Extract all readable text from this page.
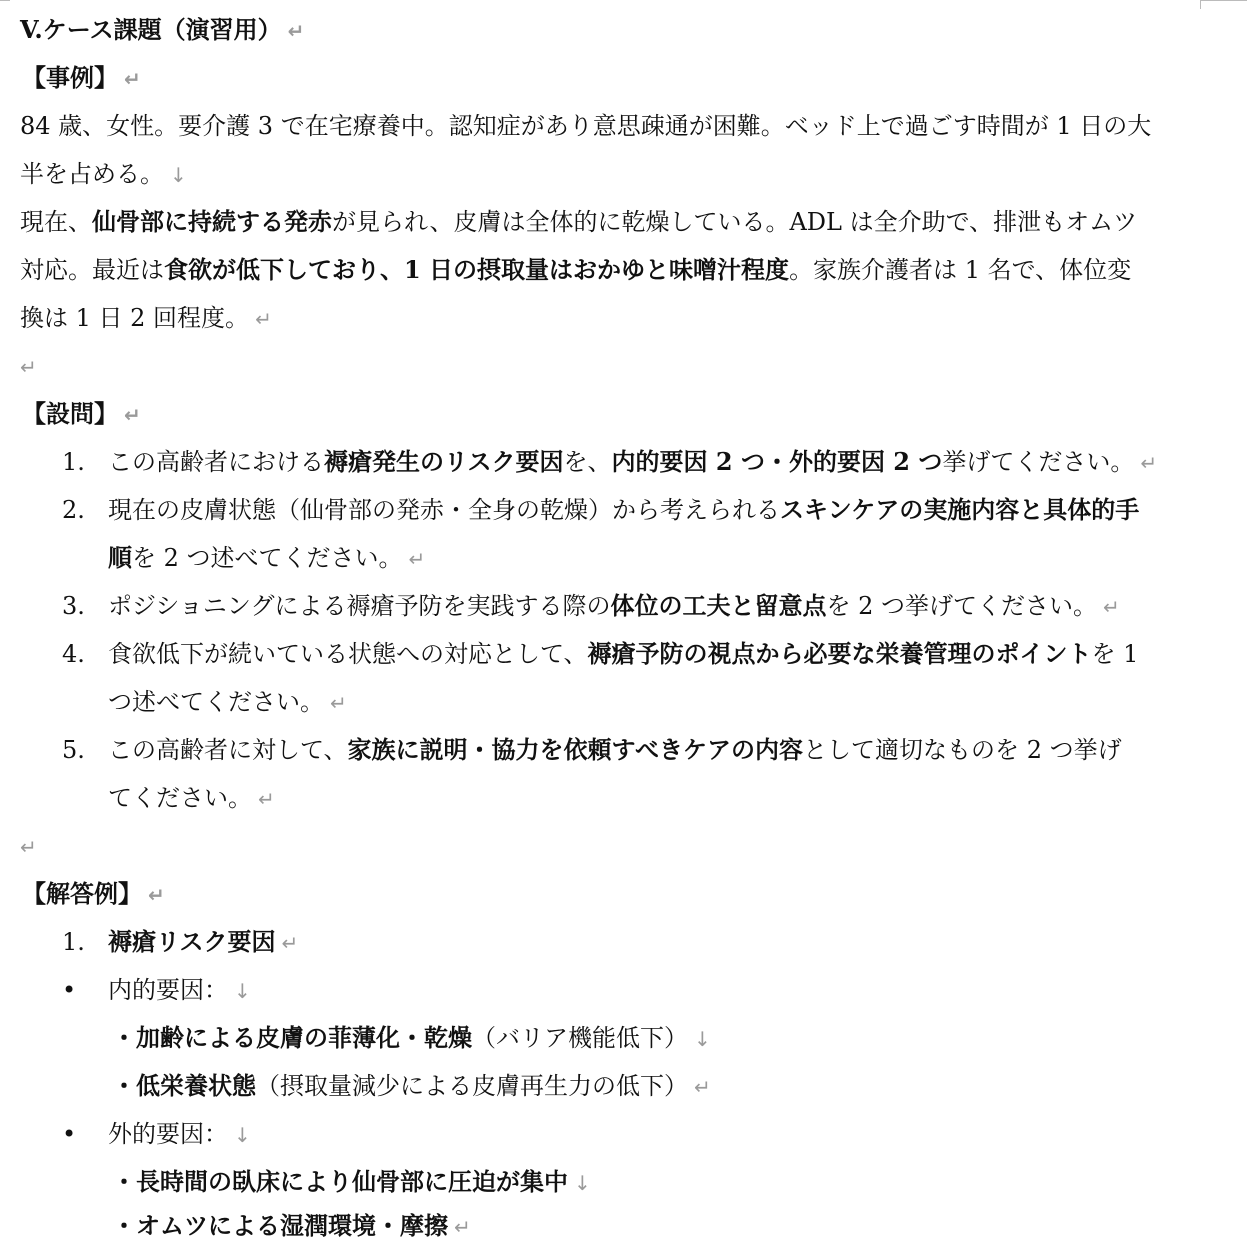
V.ケース課題（演習用） ↵
【事例】 ↵
84 歳、女性。要介護 3 で在宅療養中。認知症があり意思疎通が困難。ベッド上で過ごす時間が 1 日の大
半を占める。 ↓
現在、仙骨部に持続する発赤が見られ、皮膚は全体的に乾燥している。ADL は全介助で、排泄もオムツ
対応。最近は食欲が低下しており、1 日の摂取量はおかゆと味噌汁程度。家族介護者は 1 名で、体位変
換は 1 日 2 回程度。 ↵
↵
【設問】 ↵
1. この高齢者における褥瘡発生のリスク要因を、内的要因 2 つ・外的要因 2 つ挙げてください。 ↵
2. 現在の皮膚状態（仙骨部の発赤・全身の乾燥）から考えられるスキンケアの実施内容と具体的手
順を 2 つ述べてください。 ↵
3. ポジショニングによる褥瘡予防を実践する際の体位の工夫と留意点を 2 つ挙げてください。 ↵
4. 食欲低下が続いている状態への対応として、褥瘡予防の視点から必要な栄養管理のポイントを 1
つ述べてください。 ↵
5. この高齢者に対して、家族に説明・協力を依頼すべきケアの内容として適切なものを 2 つ挙げ
てください。 ↵
↵
【解答例】 ↵
1. 褥瘡リスク要因 ↵
• 内的要因： ↓
・加齢による皮膚の菲薄化・乾燥（バリア機能低下） ↓
・低栄養状態（摂取量減少による皮膚再生力の低下） ↵
• 外的要因： ↓
・長時間の臥床により仙骨部に圧迫が集中 ↓
・オムツによる湿潤環境・摩擦 ↵
